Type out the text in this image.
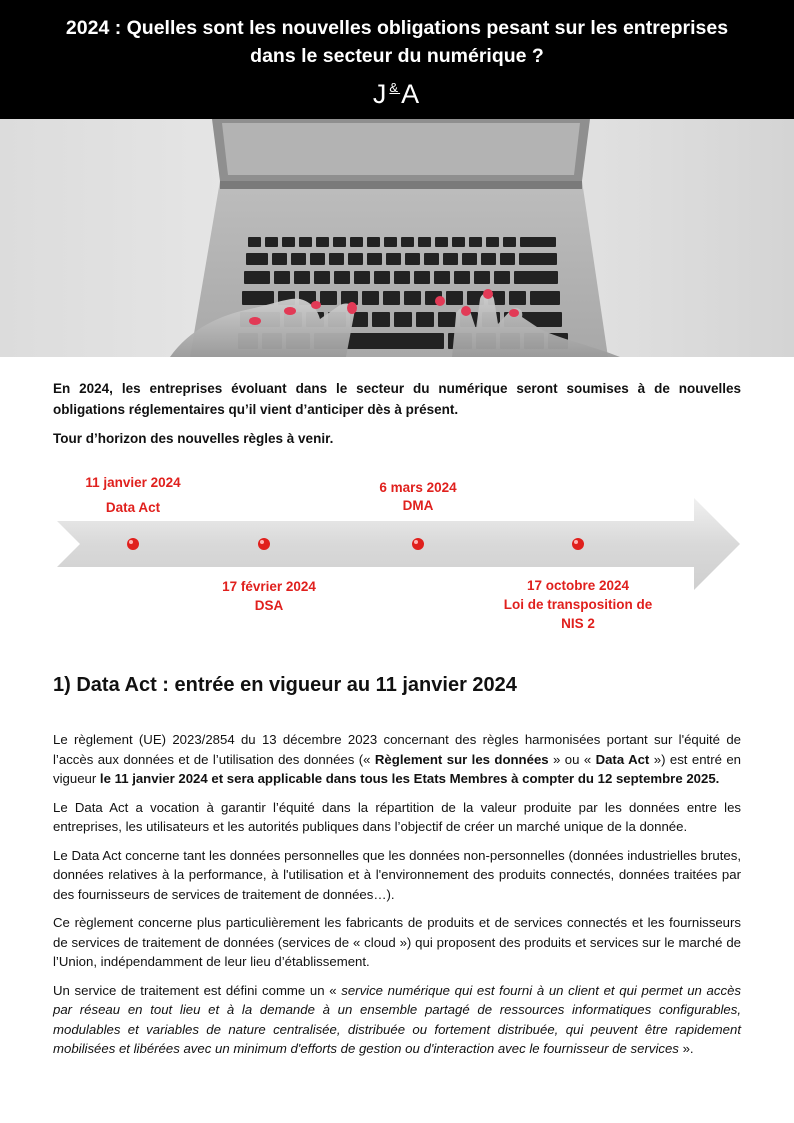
2024 : Quelles sont les nouvelles obligations pesant sur les entreprises
dans le secteur du numérique ?

J&A

En 2024, les entreprises évoluant dans le secteur du numérique seront soumises à de nouvelles obligations réglementaires qu’il vient d’anticiper dès à présent.

Tour d’horizon des nouvelles règles à venir.

11 janvier 2024
Data Act
6 mars 2024
DMA
17 février 2024
DSA
17 octobre 2024
Loi de transposition de
NIS 2
1) Data Act : entrée en vigueur au 11 janvier 2024

Le règlement (UE) 2023/2854 du 13 décembre 2023 concernant des règles harmonisées portant sur l'équité de l’accès aux données et de l’utilisation des données (« Règlement sur les données » ou « Data Act ») est entré en vigueur le 11 janvier 2024 et sera applicable dans tous les Etats Membres à compter du 12 septembre 2025.

Le Data Act a vocation à garantir l’équité dans la répartition de la valeur produite par les données entre les entreprises, les utilisateurs et les autorités publiques dans l’objectif de créer un marché unique de la donnée.

Le Data Act concerne tant les données personnelles que les données non-personnelles (données industrielles brutes, données relatives à la performance, à l'utilisation et à l'environnement des produits connectés, données traitées par des fournisseurs de services de traitement de données…).

Ce règlement concerne plus particulièrement les fabricants de produits et de services connectés et les fournisseurs de services de traitement de données (services de « cloud ») qui proposent des produits et services sur le marché de l’Union, indépendamment de leur lieu d’établissement.

Un service de traitement est défini comme un « service numérique qui est fourni à un client et qui permet un accès par réseau en tout lieu et à la demande à un ensemble partagé de ressources informatiques configurables, modulables et variables de nature centralisée, distribuée ou fortement distribuée, qui peuvent être rapidement mobilisées et libérées avec un minimum d'efforts de gestion ou d'interaction avec le fournisseur de services ».
